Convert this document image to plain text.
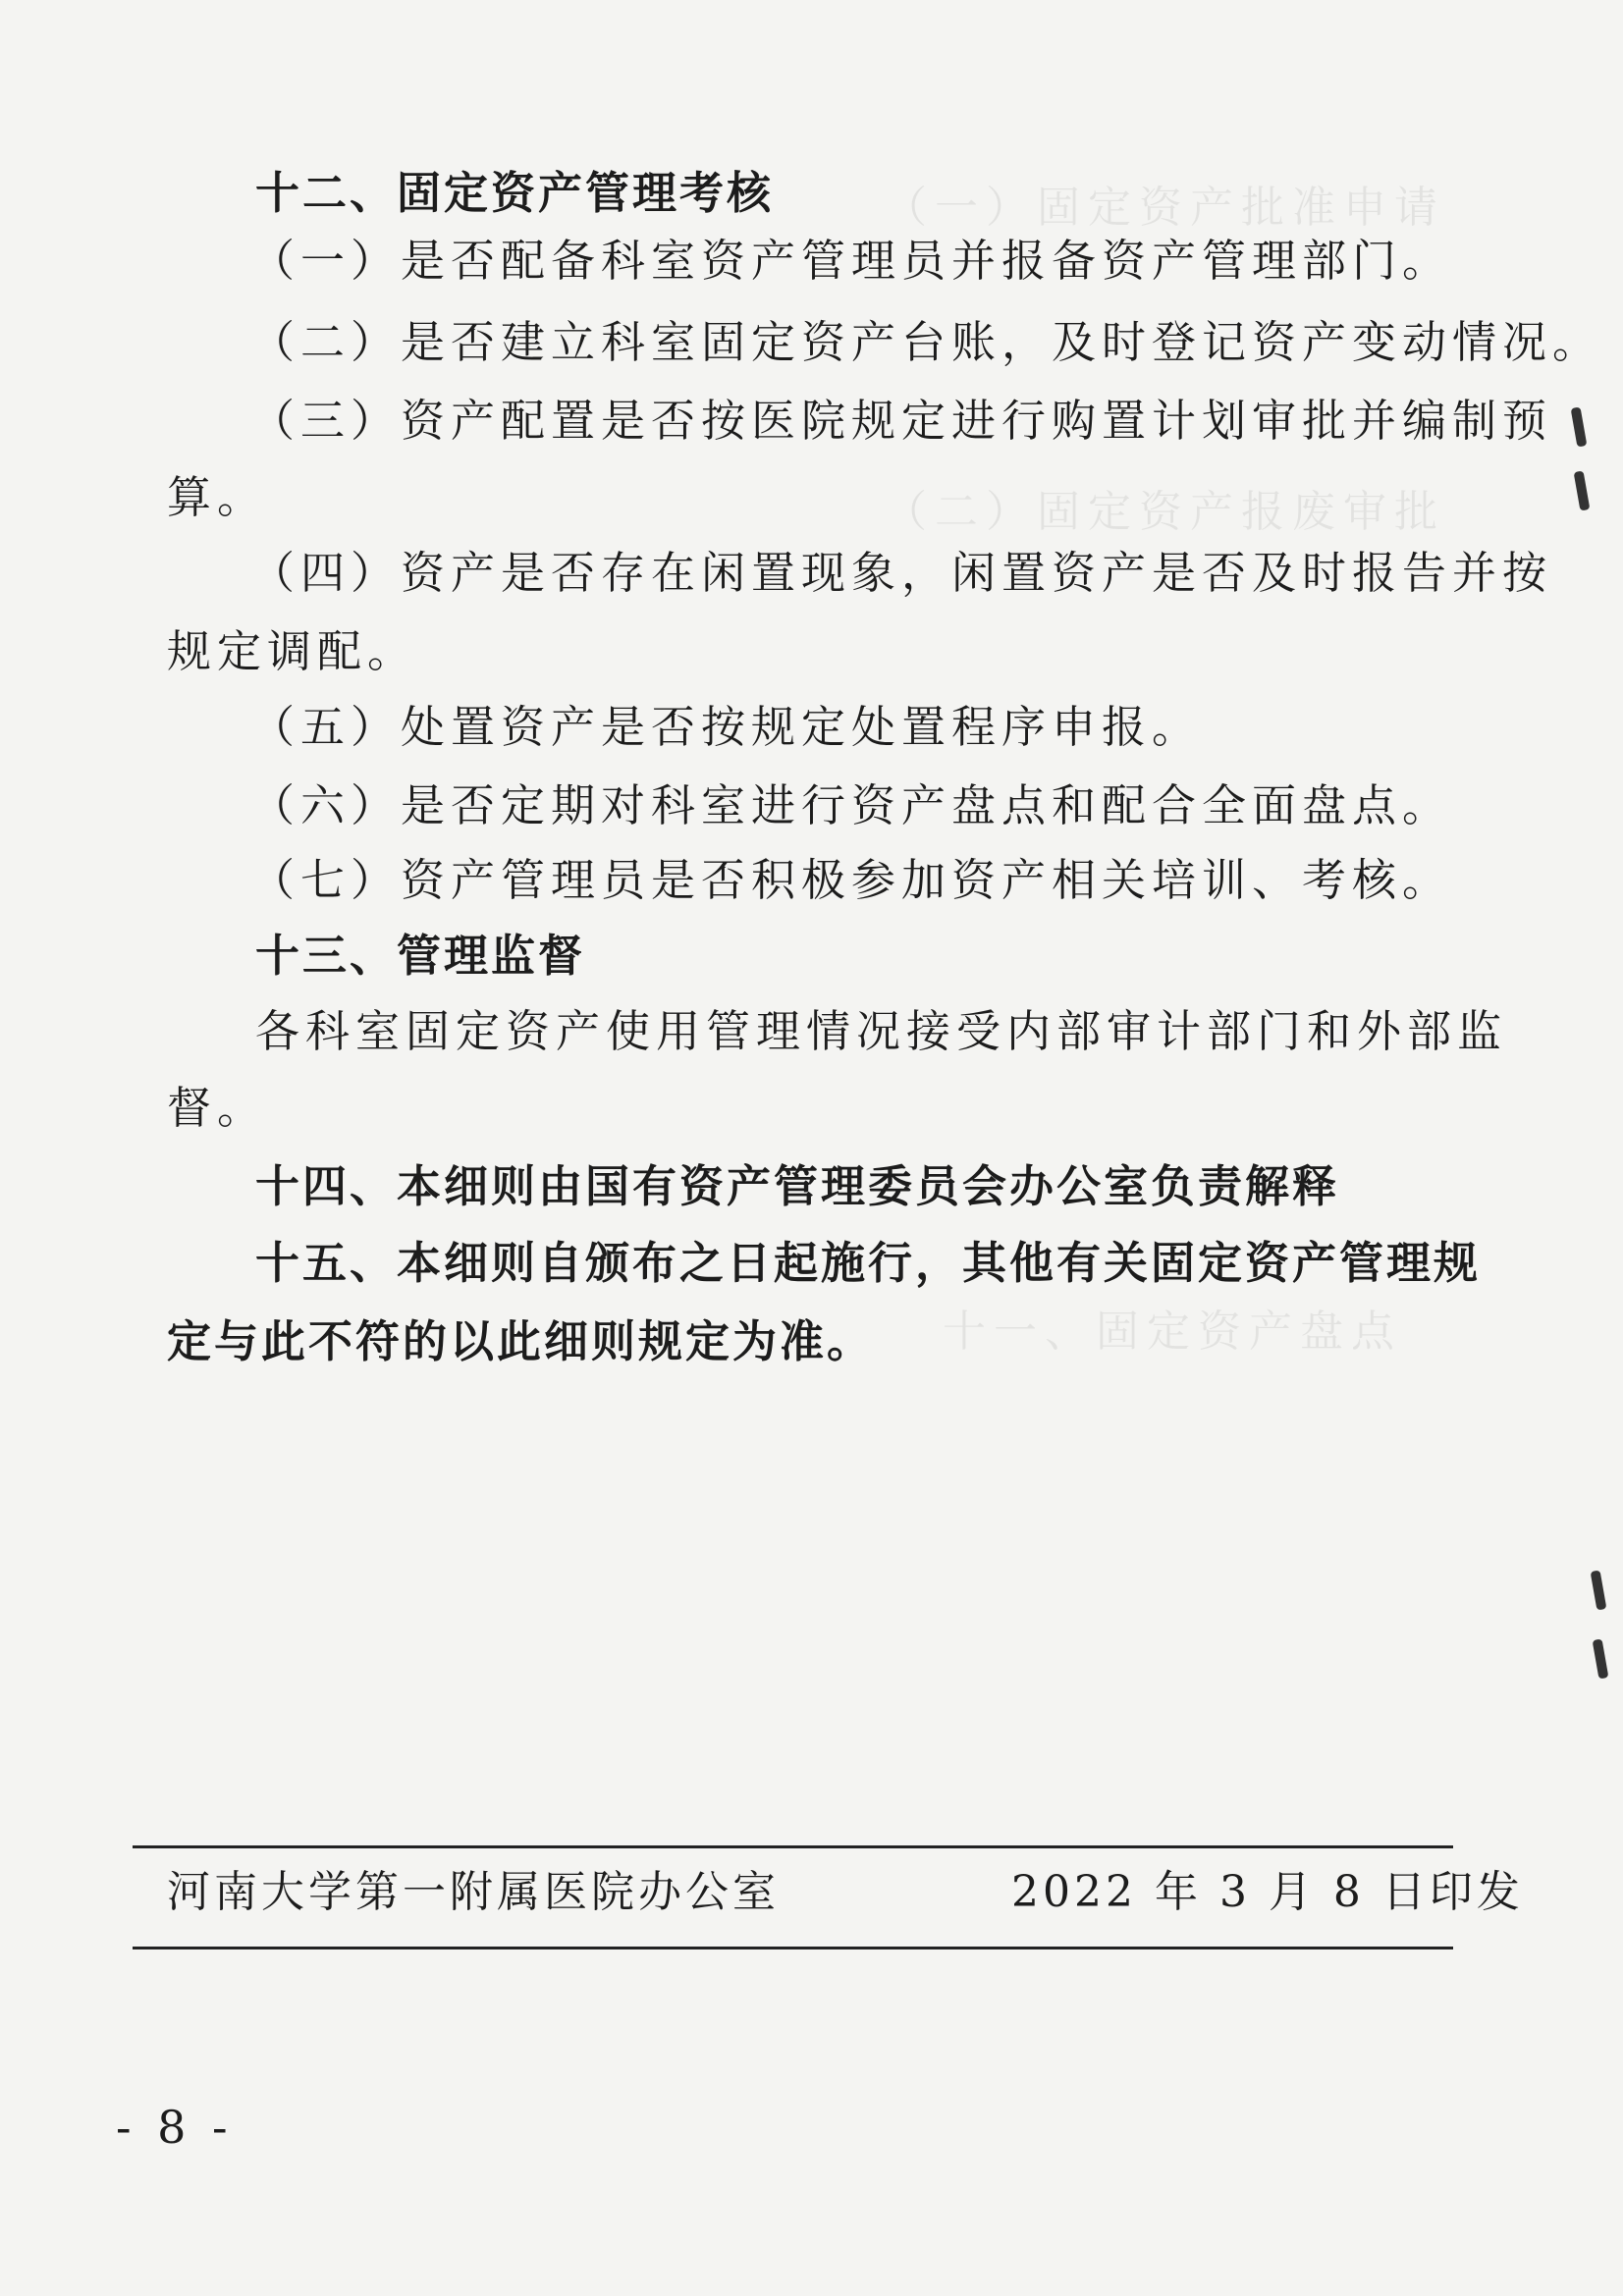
（一）固定资产批准申请
（二）固定资产报废审批
十一、固定资产盘点
十二、固定资产管理考核
（一）是否配备科室资产管理员并报备资产管理部门。
（二）是否建立科室固定资产台账，及时登记资产变动情况。
（三）资产配置是否按医院规定进行购置计划审批并编制预
算。
（四）资产是否存在闲置现象，闲置资产是否及时报告并按
规定调配。
（五）处置资产是否按规定处置程序申报。
（六）是否定期对科室进行资产盘点和配合全面盘点。
（七）资产管理员是否积极参加资产相关培训、考核。
十三、管理监督
各科室固定资产使用管理情况接受内部审计部门和外部监
督。
十四、本细则由国有资产管理委员会办公室负责解释
十五、本细则自颁布之日起施行，其他有关固定资产管理规
定与此不符的以此细则规定为准。
河南大学第一附属医院办公室	2022 年 3 月 8 日印发
- 8 -
